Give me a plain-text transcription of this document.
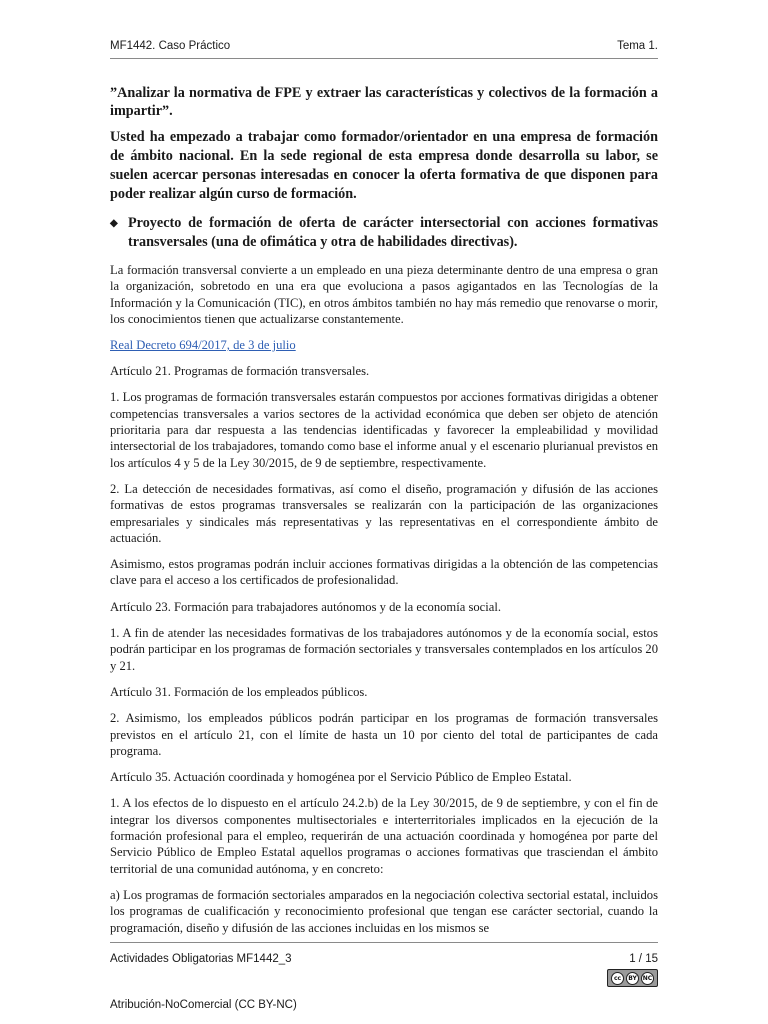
MF1442. Caso Práctico	Tema 1.

”Analizar la normativa de FPE y extraer las características y colectivos de la formación a impartir”.

Usted ha empezado a trabajar como formador/orientador en una empresa de formación de ámbito nacional. En la sede regional de esta empresa donde desarrolla su labor, se suelen acercar personas interesadas en conocer la oferta formativa de que disponen para poder realizar algún curso de formación.

◆ Proyecto de formación de oferta de carácter intersectorial con acciones formativas transversales (una de ofimática y otra de habilidades directivas).

La formación transversal convierte a un empleado en una pieza determinante dentro de una empresa o gran la organización, sobretodo en una era que evoluciona a pasos agigantados en las Tecnologías de la Información y la Comunicación (TIC), en otros ámbitos también no hay más remedio que renovarse o morir, los conocimientos tienen que actualizarse constantemente.

Real Decreto 694/2017, de 3 de julio

Artículo 21. Programas de formación transversales.

1. Los programas de formación transversales estarán compuestos por acciones formativas dirigidas a obtener competencias transversales a varios sectores de la actividad económica que deben ser objeto de atención prioritaria para dar respuesta a las tendencias identificadas y favorecer la empleabilidad y movilidad intersectorial de los trabajadores, tomando como base el informe anual y el escenario plurianual previstos en los artículos 4 y 5 de la Ley 30/2015, de 9 de septiembre, respectivamente.

2. La detección de necesidades formativas, así como el diseño, programación y difusión de las acciones formativas de estos programas transversales se realizarán con la participación de las organizaciones empresariales y sindicales más representativas y las representativas en el correspondiente ámbito de actuación.

Asimismo, estos programas podrán incluir acciones formativas dirigidas a la obtención de las competencias clave para el acceso a los certificados de profesionalidad.

Artículo 23. Formación para trabajadores autónomos y de la economía social.

1. A fin de atender las necesidades formativas de los trabajadores autónomos y de la economía social, estos podrán participar en los programas de formación sectoriales y transversales contemplados en los artículos 20 y 21.

Artículo 31. Formación de los empleados públicos.

2. Asimismo, los empleados públicos podrán participar en los programas de formación transversales previstos en el artículo 21, con el límite de hasta un 10 por ciento del total de participantes de cada programa.

Artículo 35. Actuación coordinada y homogénea por el Servicio Público de Empleo Estatal.

1. A los efectos de lo dispuesto en el artículo 24.2.b) de la Ley 30/2015, de 9 de septiembre, y con el fin de integrar los diversos componentes multisectoriales e interterritoriales implicados en la ejecución de la formación profesional para el empleo, requerirán de una actuación coordinada y homogénea por parte del Servicio Público de Empleo Estatal aquellos programas o acciones formativas que trasciendan el ámbito territorial de una comunidad autónoma, y en concreto:

a) Los programas de formación sectoriales amparados en la negociación colectiva sectorial estatal, incluidos los programas de cualificación y reconocimiento profesional que tengan ese carácter sectorial, cuando la programación, diseño y difusión de las acciones incluidas en los mismos se

Actividades Obligatorias MF1442_3	1 / 15
cc	BY NC
Atribución-NoComercial (CC BY-NC)
